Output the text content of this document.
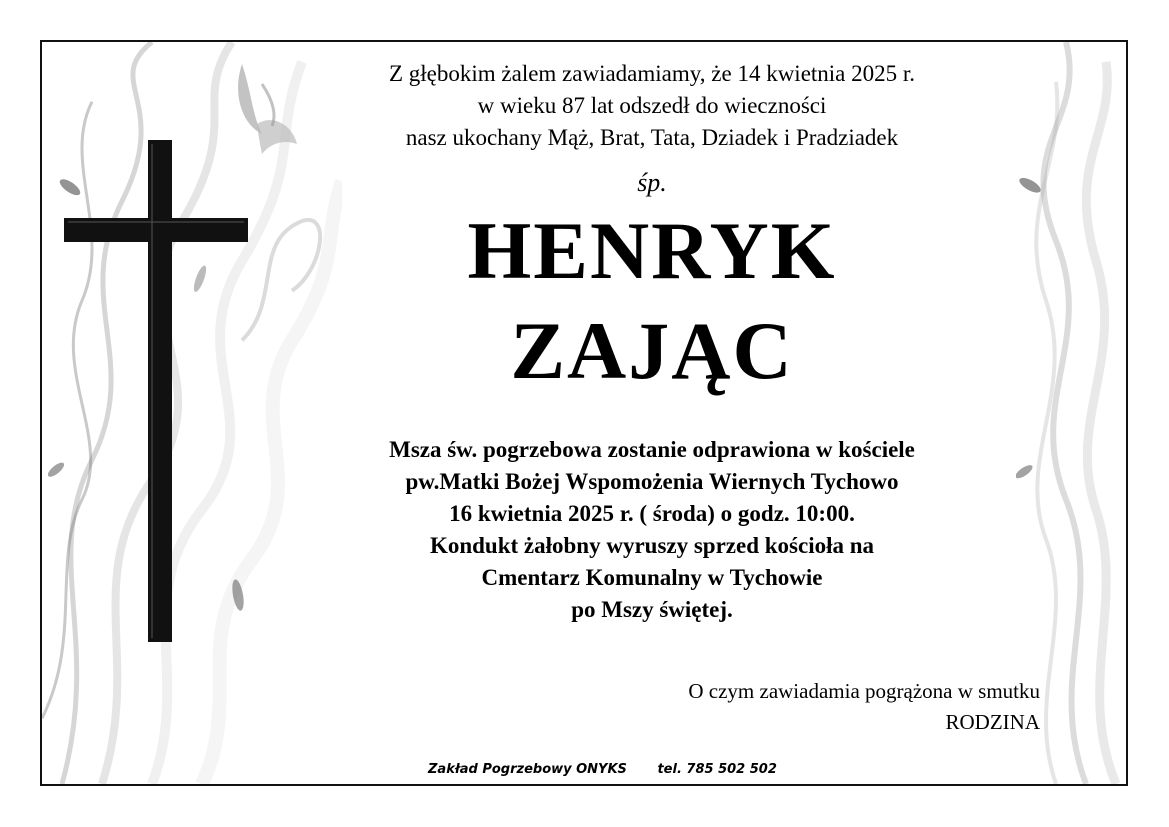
Z głębokim żalem zawiadamiamy, że 14 kwietnia 2025 r.
w wieku 87 lat odszedł do wieczności
nasz ukochany Mąż, Brat, Tata, Dziadek i Pradziadek
śp.
HENRYK
ZAJĄC
Msza św. pogrzebowa zostanie odprawiona w kościele
pw.Matki Bożej Wspomożenia Wiernych Tychowo
16 kwietnia 2025 r. ( środa) o godz. 10:00.
Kondukt żałobny wyruszy sprzed kościoła na
Cmentarz Komunalny w Tychowie
po Mszy świętej.
O czym zawiadamia pogrążona w smutku
RODZINA
Zakład Pogrzebowy ONYKS tel. 785 502 502
